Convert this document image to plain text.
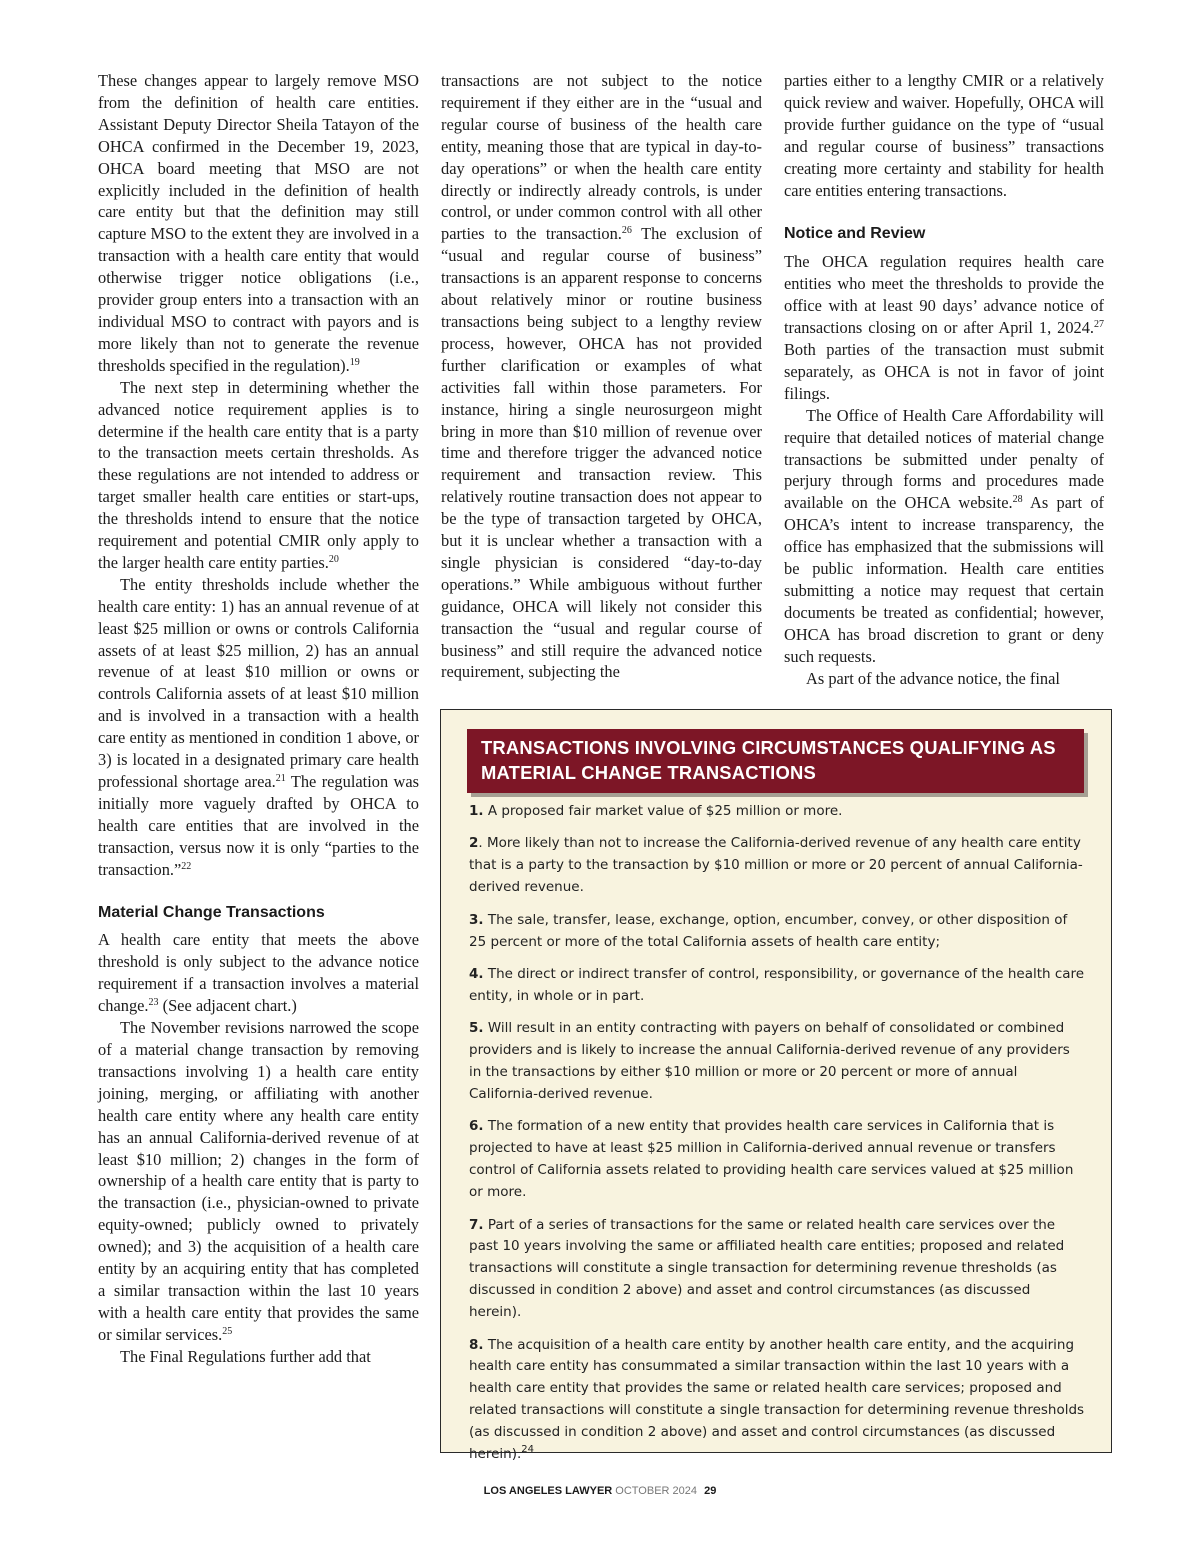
These changes appear to largely remove MSO from the definition of health care entities. Assistant Deputy Director Sheila Tatayon of the OHCA confirmed in the December 19, 2023, OHCA board meeting that MSO are not explicitly included in the definition of health care entity but that the definition may still capture MSO to the extent they are involved in a transaction with a health care entity that would otherwise trigger notice obligations (i.e., provider group enters into a transaction with an individual MSO to contract with payors and is more likely than not to generate the revenue thresholds specified in the regulation).$^{19}$

The next step in determining whether the advanced notice requirement applies is to determine if the health care entity that is a party to the transaction meets certain thresholds. As these regulations are not intended to address or target smaller health care entities or start-ups, the thresholds intend to ensure that the notice requirement and potential CMIR only apply to the larger health care entity parties.$^{20}$

The entity thresholds include whether the health care entity: 1) has an annual revenue of at least $25 million or owns or controls California assets of at least $25 million, 2) has an annual revenue of at least $10 million or owns or controls California assets of at least $10 million and is involved in a transaction with a health care entity as mentioned in condition 1 above, or 3) is located in a designated primary care health professional shortage area.$^{21}$ The regulation was initially more vaguely drafted by OHCA to health care entities that are involved in the transaction, versus now it is only “parties to the transaction.”$^{22}$

Material Change Transactions

A health care entity that meets the above threshold is only subject to the advance notice requirement if a transaction involves a material change.$^{23}$ (See adjacent chart.)

The November revisions narrowed the scope of a material change transaction by removing transactions involving 1) a health care entity joining, merging, or affiliating with another health care entity where any health care entity has an annual California-derived revenue of at least $10 million; 2) changes in the form of ownership of a health care entity that is party to the transaction (i.e., physician-owned to private equity-owned; publicly owned to privately owned); and 3) the acquisition of a health care entity by an acquiring entity that has completed a similar transaction within the last 10 years with a health care entity that provides the same or similar services.$^{25}$

The Final Regulations further add that

transactions are not subject to the notice requirement if they either are in the “usual and regular course of business of the health care entity, meaning those that are typical in day-to-day operations” or when the health care entity directly or indirectly already controls, is under control, or under common control with all other parties to the transaction.$^{26}$ The exclusion of “usual and regular course of business” transactions is an apparent response to concerns about relatively minor or routine business transactions being subject to a lengthy review process, however, OHCA has not provided further clarification or examples of what activities fall within those parameters. For instance, hiring a single neurosurgeon might bring in more than $10 million of revenue over time and therefore trigger the advanced notice requirement and transaction review. This relatively routine transaction does not appear to be the type of transaction targeted by OHCA, but it is unclear whether a transaction with a single physician is considered “day-to-day operations.” While ambiguous without further guidance, OHCA will likely not consider this transaction the “usual and regular course of business” and still require the advanced notice requirement, subjecting the

parties either to a lengthy CMIR or a relatively quick review and waiver. Hopefully, OHCA will provide further guidance on the type of “usual and regular course of business” transactions creating more certainty and stability for health care entities entering transactions.

Notice and Review

The OHCA regulation requires health care entities who meet the thresholds to provide the office with at least 90 days’ advance notice of transactions closing on or after April 1, 2024.27 Both parties of the transaction must submit separately, as OHCA is not in favor of joint filings.

The Office of Health Care Affordability will require that detailed notices of material change transactions be submitted under penalty of perjury through forms and procedures made available on the OHCA website.$^{28}$ As part of OHCA’s intent to increase transparency, the office has emphasized that the submissions will be public information. Health care entities submitting a notice may request that certain documents be treated as confidential; however, OHCA has broad discretion to grant or deny such requests.

As part of the advance notice, the final

TRANSACTIONS INVOLVING CIRCUMSTANCES QUALIFYING AS MATERIAL CHANGE TRANSACTIONS
1. A proposed fair market value of $25 million or more.
2. More likely than not to increase the California-derived revenue of any health care entity that is a party to the transaction by $10 million or more or 20 percent of annual California-derived revenue.
3. The sale, transfer, lease, exchange, option, encumber, convey, or other disposition of 25 percent or more of the total California assets of health care entity;
4. The direct or indirect transfer of control, responsibility, or governance of the health care entity, in whole or in part.
5. Will result in an entity contracting with payers on behalf of consolidated or combined providers and is likely to increase the annual California-derived revenue of any providers in the transactions by either $10 million or more or 20 percent or more of annual California-derived revenue.
6. The formation of a new entity that provides health care services in California that is projected to have at least $25 million in California-derived annual revenue or transfers control of California assets related to providing health care services valued at $25 million or more.
7. Part of a series of transactions for the same or related health care services over the past 10 years involving the same or affiliated health care entities; proposed and related transactions will constitute a single transaction for determining revenue thresholds (as discussed in condition 2 above) and asset and control circumstances (as discussed herein).
8. The acquisition of a health care entity by another health care entity, and the acquiring health care entity has consummated a similar transaction within the last 10 years with a health care entity that provides the same or related health care services; proposed and related transactions will constitute a single transaction for determining revenue thresholds (as discussed in condition 2 above) and asset and control circumstances (as discussed herein).$^{24}$
LOS ANGELES LAWYER OCTOBER 2024 29
